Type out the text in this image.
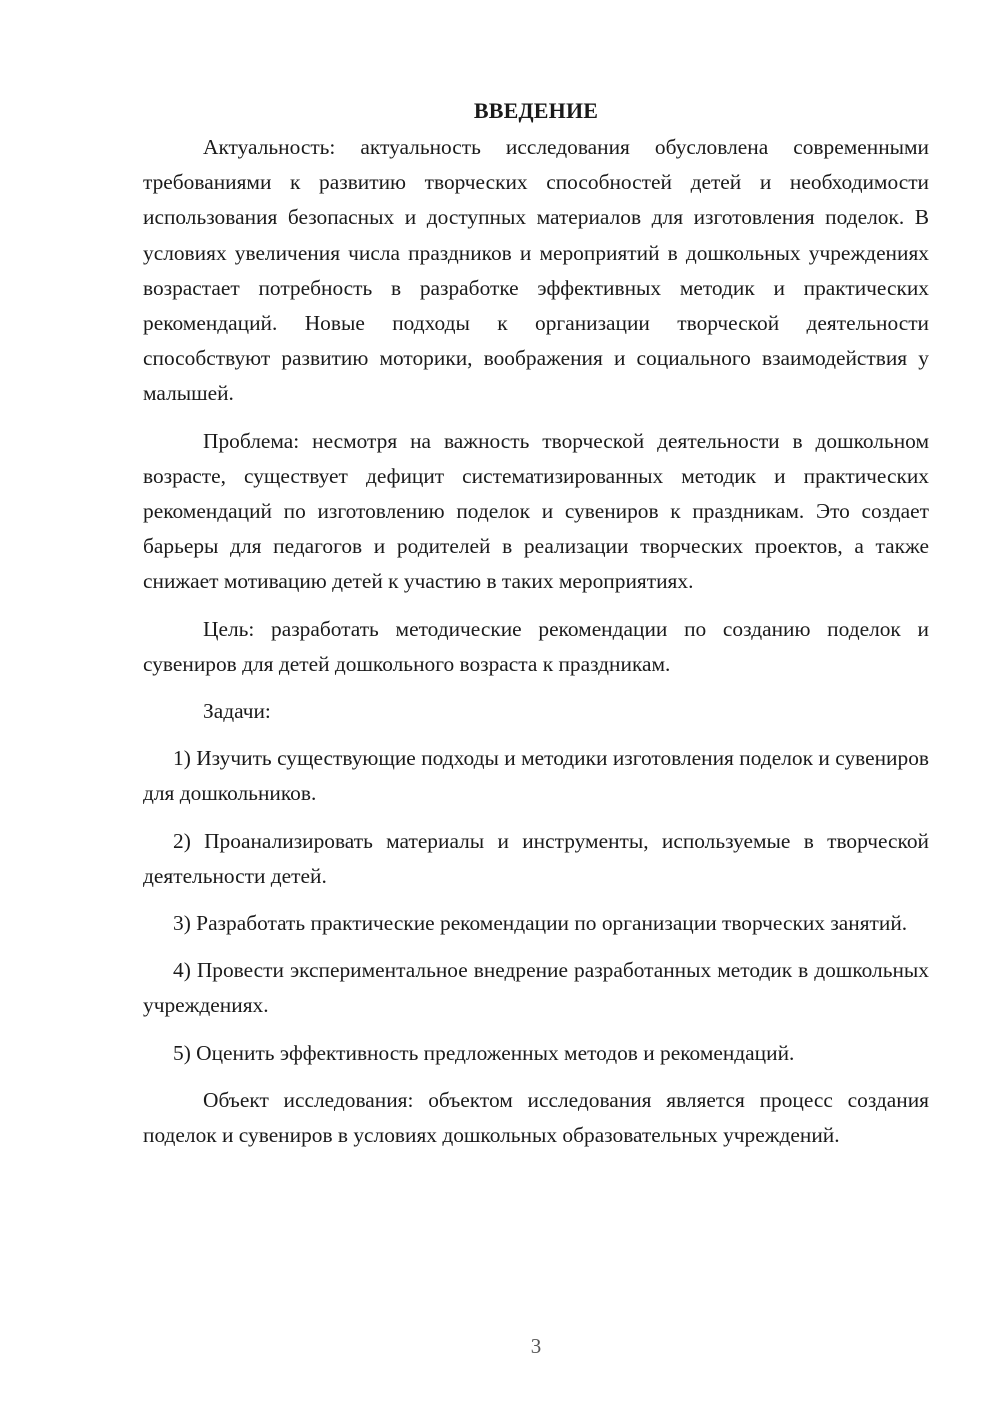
ВВЕДЕНИЕ

Актуальность: актуальность исследования обусловлена современными требованиями к развитию творческих способностей детей и необходимости использования безопасных и доступных материалов для изготовления поделок. В условиях увеличения числа праздников и мероприятий в дошкольных учреждениях возрастает потребность в разработке эффективных методик и практических рекомендаций. Новые подходы к организации творческой деятельности способствуют развитию моторики, воображения и социального взаимодействия у малышей.

Проблема: несмотря на важность творческой деятельности в дошкольном возрасте, существует дефицит систематизированных методик и практических рекомендаций по изготовлению поделок и сувениров к праздникам. Это создает барьеры для педагогов и родителей в реализации творческих проектов, а также снижает мотивацию детей к участию в таких мероприятиях.

Цель: разработать методические рекомендации по созданию поделок и сувениров для детей дошкольного возраста к праздникам.

Задачи:

1) Изучить существующие подходы и методики изготовления поделок и сувениров для дошкольников.

2) Проанализировать материалы и инструменты, используемые в творческой деятельности детей.

3) Разработать практические рекомендации по организации творческих занятий.

4) Провести экспериментальное внедрение разработанных методик в дошкольных учреждениях.

5) Оценить эффективность предложенных методов и рекомендаций.

Объект исследования: объектом исследования является процесс создания поделок и сувениров в условиях дошкольных образовательных учреждений.

3
